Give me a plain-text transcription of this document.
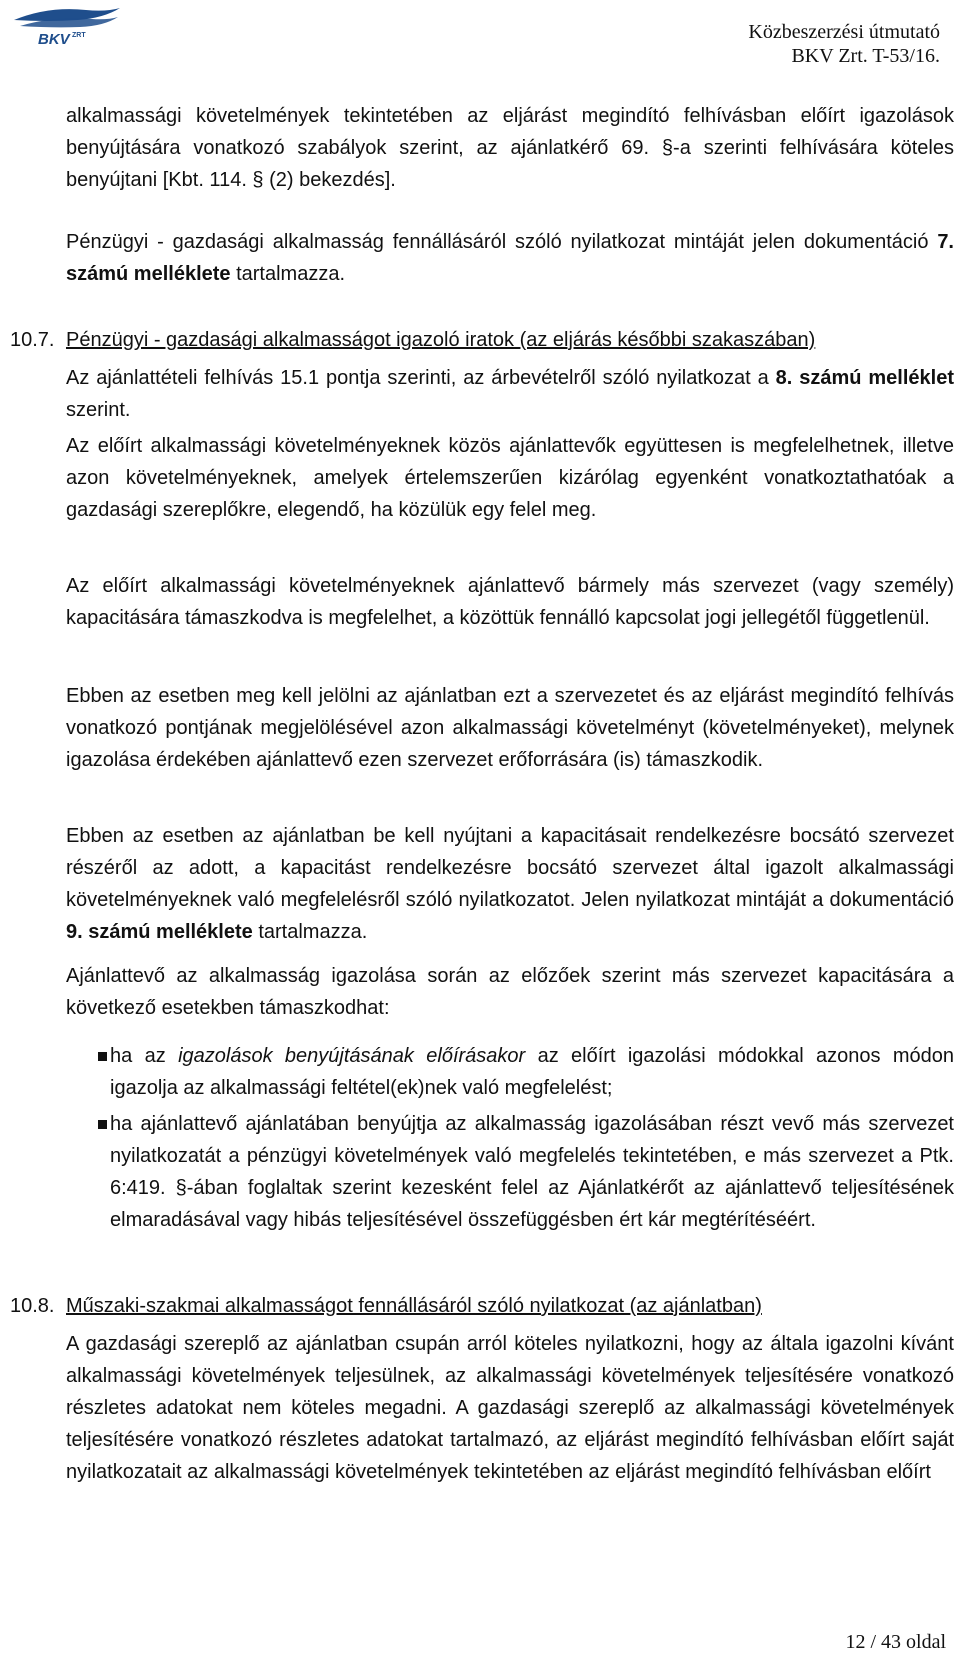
BKV ZRT	Közbeszerzési útmutató
BKV Zrt. T-53/16.
alkalmassági követelmények tekintetében az eljárást megindító felhívásban előírt igazolások benyújtására vonatkozó szabályok szerint, az ajánlatkérő 69. §-a szerinti felhívására köteles benyújtani [Kbt. 114. § (2) bekezdés].
Pénzügyi - gazdasági alkalmasság fennállásáról szóló nyilatkozat mintáját jelen dokumentáció 7. számú melléklete tartalmazza.
10.7. Pénzügyi - gazdasági alkalmasságot igazoló iratok (az eljárás későbbi szakaszában)
Az ajánlattételi felhívás 15.1 pontja szerinti, az árbevételről szóló nyilatkozat a 8. számú melléklet szerint.
Az előírt alkalmassági követelményeknek közös ajánlattevők együttesen is megfelelhetnek, illetve azon követelményeknek, amelyek értelemszerűen kizárólag egyenként vonatkoztathatóak a gazdasági szereplőkre, elegendő, ha közülük egy felel meg.
Az előírt alkalmassági követelményeknek ajánlattevő bármely más szervezet (vagy személy) kapacitására támaszkodva is megfelelhet, a közöttük fennálló kapcsolat jogi jellegétől függetlenül.
Ebben az esetben meg kell jelölni az ajánlatban ezt a szervezetet és az eljárást megindító felhívás vonatkozó pontjának megjelölésével azon alkalmassági követelményt (követelményeket), melynek igazolása érdekében ajánlattevő ezen szervezet erőforrására (is) támaszkodik.
Ebben az esetben az ajánlatban be kell nyújtani a kapacitásait rendelkezésre bocsátó szervezet részéről az adott, a kapacitást rendelkezésre bocsátó szervezet által igazolt alkalmassági követelményeknek való megfelelésről szóló nyilatkozatot. Jelen nyilatkozat mintáját a dokumentáció 9. számú melléklete tartalmazza.
Ajánlattevő az alkalmasság igazolása során az előzőek szerint más szervezet kapacitására a következő esetekben támaszkodhat:
ha az igazolások benyújtásának előírásakor az előírt igazolási módokkal azonos módon igazolja az alkalmassági feltétel(ek)nek való megfelelést;
ha ajánlattevő ajánlatában benyújtja az alkalmasság igazolásában részt vevő más szervezet nyilatkozatát a pénzügyi követelmények való megfelelés tekintetében, e más szervezet a Ptk. 6:419. §-ában foglaltak szerint kezesként felel az Ajánlatkérőt az ajánlattevő teljesítésének elmaradásával vagy hibás teljesítésével összefüggésben ért kár megtérítéséért.
10.8. Műszaki-szakmai alkalmasságot fennállásáról szóló nyilatkozat (az ajánlatban)
A gazdasági szereplő az ajánlatban csupán arról köteles nyilatkozni, hogy az általa igazolni kívánt alkalmassági követelmények teljesülnek, az alkalmassági követelmények teljesítésére vonatkozó részletes adatokat nem köteles megadni. A gazdasági szereplő az alkalmassági követelmények teljesítésére vonatkozó részletes adatokat tartalmazó, az eljárást megindító felhívásban előírt saját nyilatkozatait az alkalmassági követelmények tekintetében az eljárást megindító felhívásban előírt
12 / 43 oldal
